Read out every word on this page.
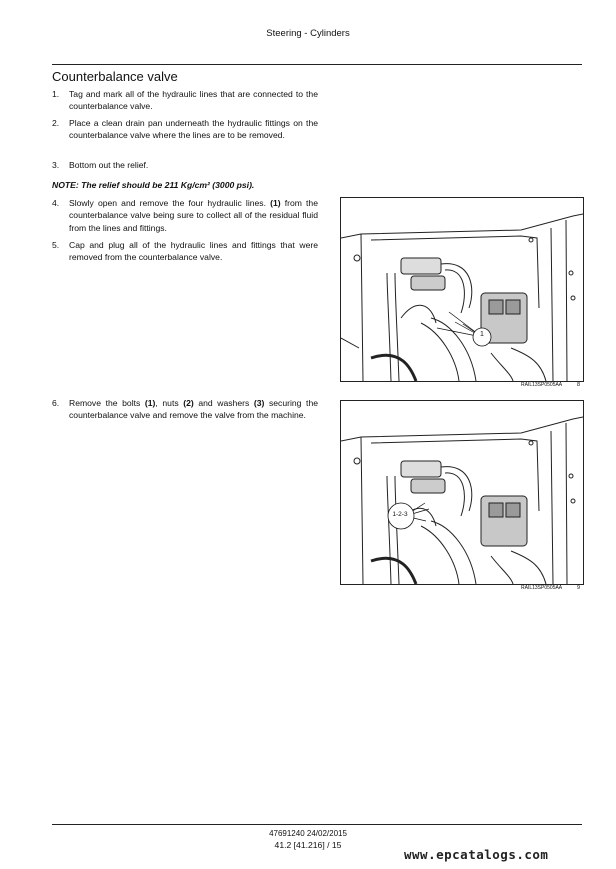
Steering - Cylinders
Counterbalance valve
1.	Tag and mark all of the hydraulic lines that are connected to the counterbalance valve.
2.	Place a clean drain pan underneath the hydraulic fittings on the counterbalance valve where the lines are to be removed.
3.	Bottom out the relief.
NOTE: The relief should be 211 Kg/cm² (3000 psi).
4.	Slowly open and remove the four hydraulic lines. (1) from the counterbalance valve being sure to collect all of the residual fluid from the lines and fittings.
5.	Cap and plug all of the hydraulic lines and fittings that were removed from the counterbalance valve.
6.	Remove the bolts (1), nuts (2) and washers (3) securing the counterbalance valve and remove the valve from the machine.
1
RAIL13SP0505AA	8
1-2-3
RAIL13SP0505AA	9
47691240 24/02/2015
41.2 [41.216] / 15
www.epcatalogs.com
